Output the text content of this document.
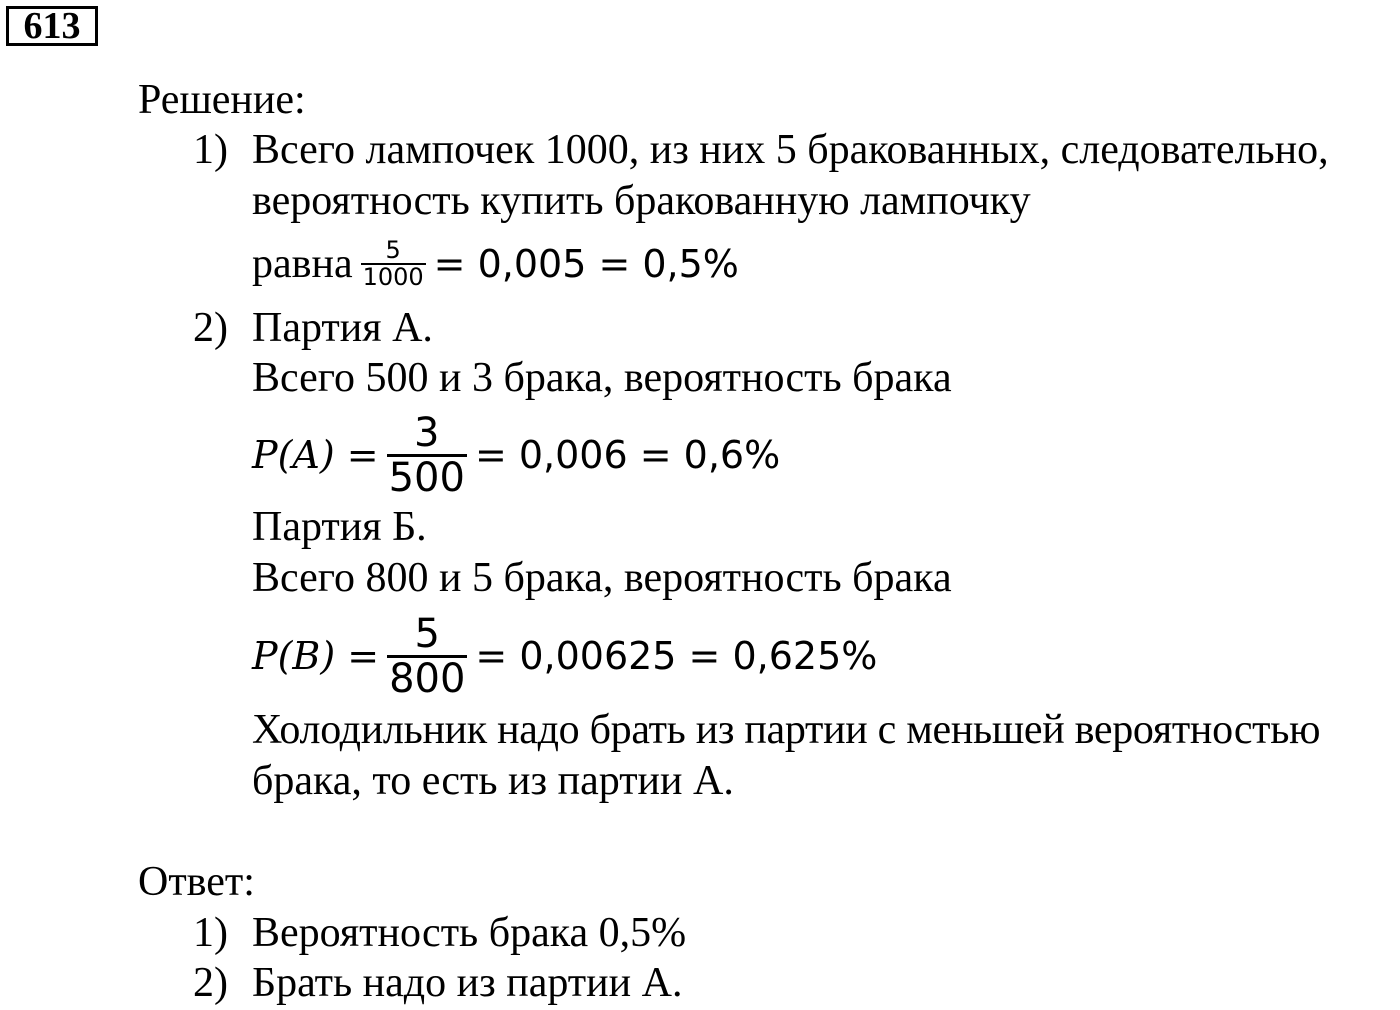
613
Решение:
1) Всего лампочек 1000, из них 5 бракованных, следовательно,
вероятность купить бракованную лампочку
равна $\frac{5}{1000} = 0,005 = 0,5\%$
2) Партия А.
Всего 500 и 3 брака, вероятность брака
$P(A) = \frac{3}{500} = 0,006 = 0,6\%$
Партия Б.
Всего 800 и 5 брака, вероятность брака
$P(B) = \frac{5}{800} = 0,00625 = 0,625\%$
Холодильник надо брать из партии с меньшей вероятностью
брака, то есть из партии А.
Ответ:
1) Вероятность брака 0,5%
2) Брать надо из партии А.
